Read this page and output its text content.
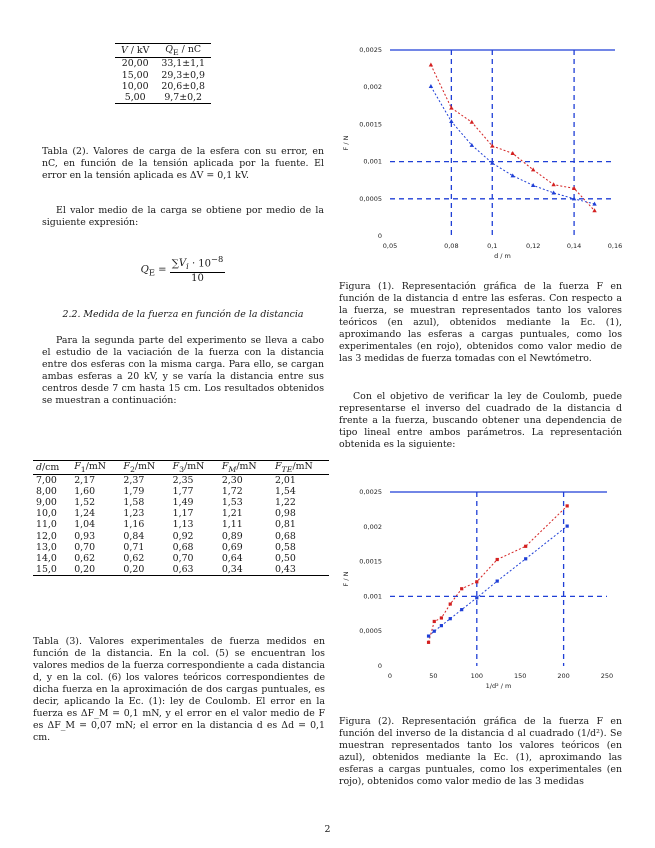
V / kV	$Q_E$ / nC
20,00	33,1±1,1
15,00	29,3±0,9
10,00	20,6±0,8
5,00	9,7±0,2

Tabla (2). Valores de carga de la esfera con su error, en nC, en función de la tensión aplicada por la fuente. El error en la tensión aplicada es ΔV = 0,1 kV.

El valor medio de la carga se obtiene por medio de la siguiente expresión:

$Q_E = \frac{\sum V_i \cdot 10^{-8}}{10}$
2.2. Medida de la fuerza en función de la distancia

Para la segunda parte del experimento se lleva a cabo el estudio de la vaciación de la fuerza con la distancia entre dos esferas con la misma carga. Para ello, se cargan ambas esferas a 20 kV, y se varía la distancia entre sus centros desde 7 cm hasta 15 cm. Los resultados obtenidos se muestran a continuación:

d/cm	$F_1/mN$	$F_2/mN$	$F_3/mN$	$F_M/mN$	$F_{TE}/mN$
7,00	2,17	2,37	2,35	2,30	2,01
8,00	1,60	1,79	1,77	1,72	1,54
9,00	1,52	1,58	1,49	1,53	1,22
10,0	1,24	1,23	1,17	1,21	0,98
11,0	1,04	1,16	1,13	1,11	0,81
12,0	0,93	0,84	0,92	0,89	0,68
13,0	0,70	0,71	0,68	0,69	0,58
14,0	0,62	0,62	0,70	0,64	0,50
15,0	0,20	0,20	0,63	0,34	0,43

Tabla (3). Valores experimentales de fuerza medidos en función de la distancia. En la col. (5) se encuentran los valores medios de la fuerza correspondiente a cada distancia d, y en la col. (6) los valores teóricos correspondientes de dicha fuerza en la aproximación de dos cargas puntuales, es decir, aplicando la Ec. (1): ley de Coulomb. El error en la fuerza es ΔF_M = 0,1 mN, y el error en el valor medio de F es ΔF_M = 0,07 mN; el error en la distancia d es Δd = 0,1 cm.

0,05	0,08	0,1	0,12	0,14	0,16
0
0,0005
0,001
0,0015
0,002
0,0025
d / m
F / N

Figura (1). Representación gráfica de la fuerza F en función de la distancia d entre las esferas. Con respecto a la fuerza, se muestran representados tanto los valores teóricos (en azul), obtenidos mediante la Ec. (1), aproximando las esferas a cargas puntuales, como los experimentales (en rojo), obtenidos como valor medio de las 3 medidas de fuerza tomadas con el Newtómetro.

Con el objetivo de verificar la ley de Coulomb, puede representarse el inverso del cuadrado de la distancia d frente a la fuerza, buscando obtener una dependencia de tipo lineal entre ambos parámetros. La representación obtenida es la siguiente:

0	50	100	150	200	250
0
0,0005
0,001
0,0015
0,002
0,0025
1/d² / m
F / N

Figura (2). Representación gráfica de la fuerza F en función del inverso de la distancia d al cuadrado (1/d²). Se muestran representados tanto los valores teóricos (en azul), obtenidos mediante la Ec. (1), aproximando las esferas a cargas puntuales, como los experimentales (en rojo), obtenidos como valor medio de las 3 medidas

2
